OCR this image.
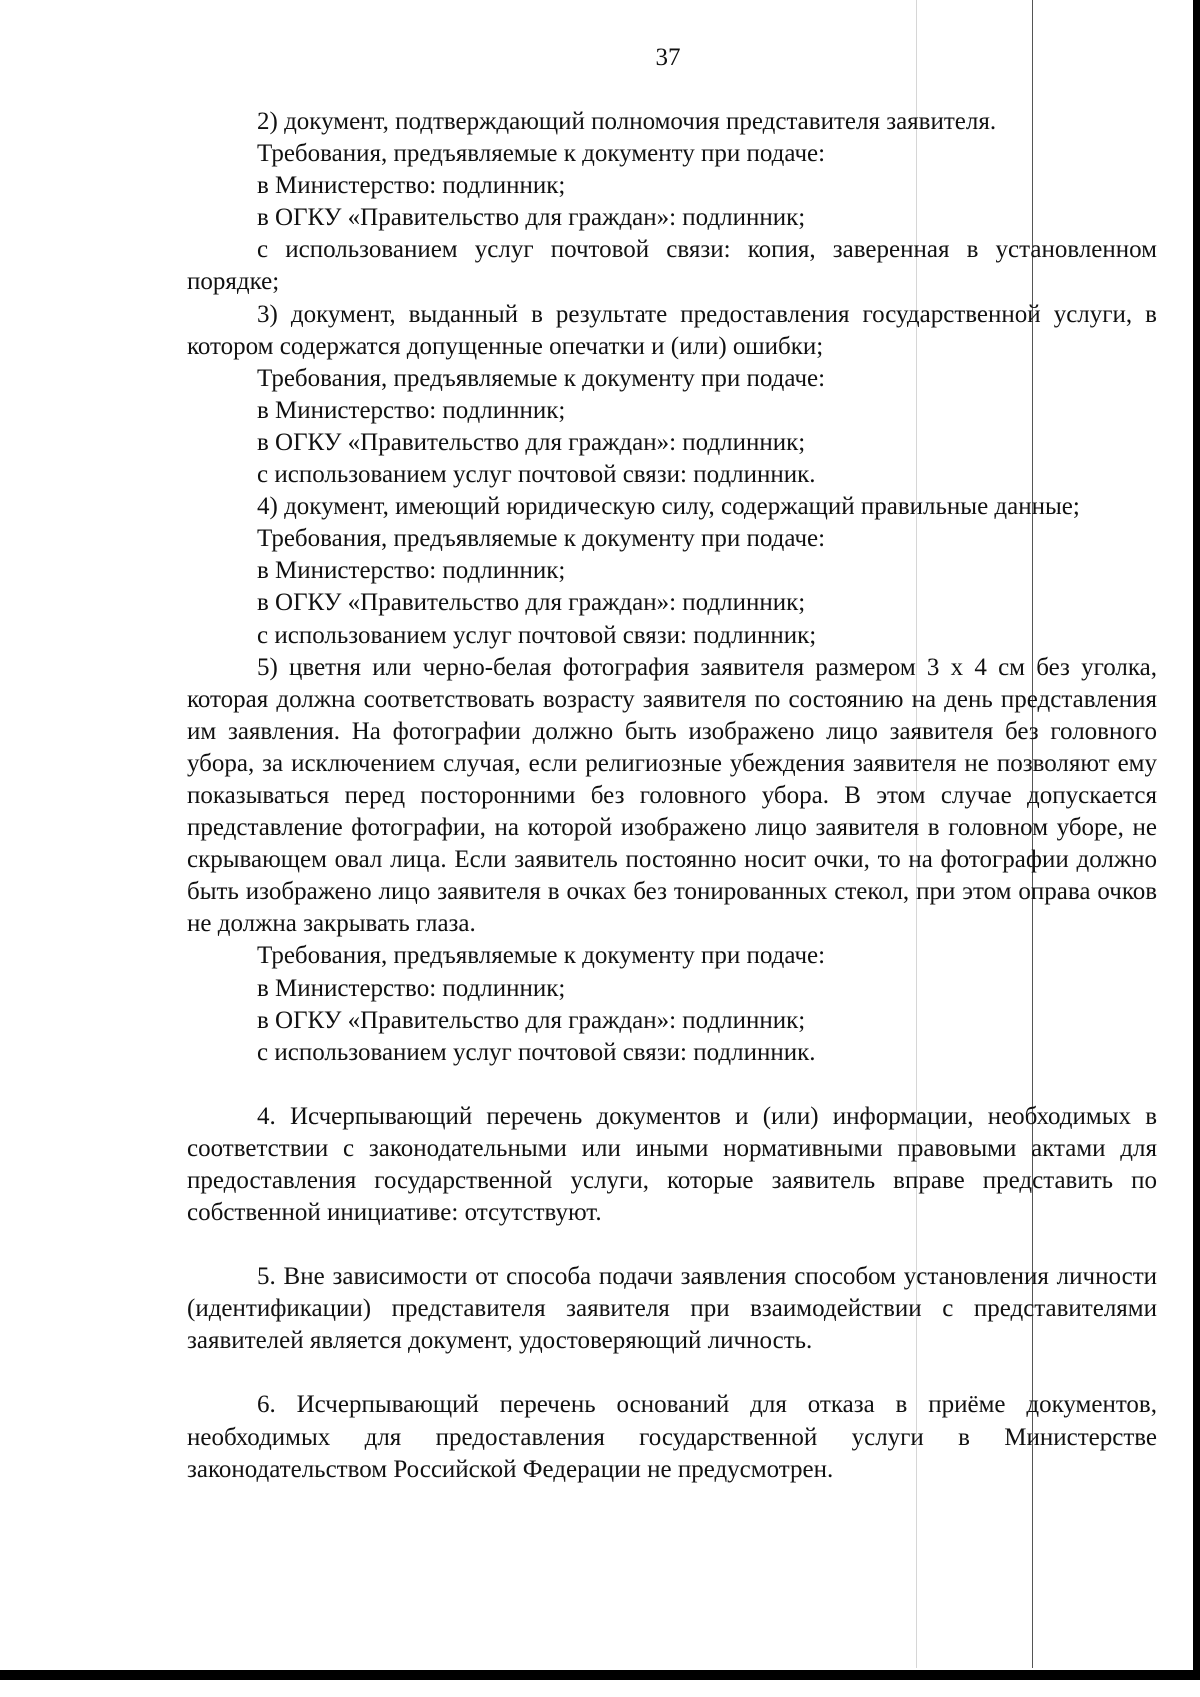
37

2) документ, подтверждающий полномочия представителя заявителя.

Требования, предъявляемые к документу при подаче:

в Министерство: подлинник;

в ОГКУ «Правительство для граждан»: подлинник;

с использованием услуг почтовой связи: копия, заверенная в установленном порядке;

3) документ, выданный в результате предоставления государственной услуги, в котором содержатся допущенные опечатки и (или) ошибки;

Требования, предъявляемые к документу при подаче:

в Министерство: подлинник;

в ОГКУ «Правительство для граждан»: подлинник;

с использованием услуг почтовой связи: подлинник.

4) документ, имеющий юридическую силу, содержащий правильные данные;

Требования, предъявляемые к документу при подаче:

в Министерство: подлинник;

в ОГКУ «Правительство для граждан»: подлинник;

с использованием услуг почтовой связи: подлинник;

5) цветня или черно-белая фотография заявителя размером 3 х 4 см без уголка, которая должна соответствовать возрасту заявителя по состоянию на день представления им заявления. На фотографии должно быть изображено лицо заявителя без головного убора, за исключением случая, если религиозные убеждения заявителя не позволяют ему показываться перед посторонними без головного убора. В этом случае допускается представление фотографии, на которой изображено лицо заявителя в головном уборе, не скрывающем овал лица. Если заявитель постоянно носит очки, то на фотографии должно быть изображено лицо заявителя в очках без тонированных стекол, при этом оправа очков не должна закрывать глаза.

Требования, предъявляемые к документу при подаче:

в Министерство: подлинник;

в ОГКУ «Правительство для граждан»: подлинник;

с использованием услуг почтовой связи: подлинник.

4. Исчерпывающий перечень документов и (или) информации, необходимых в соответствии с законодательными или иными нормативными правовыми актами для предоставления государственной услуги, которые заявитель вправе представить по собственной инициативе: отсутствуют.

5. Вне зависимости от способа подачи заявления способом установления личности (идентификации) представителя заявителя при взаимодействии с представителями заявителей является документ, удостоверяющий личность.

6. Исчерпывающий перечень оснований для отказа в приёме документов, необходимых для предоставления государственной услуги в Министерстве законодательством Российской Федерации не предусмотрен.
